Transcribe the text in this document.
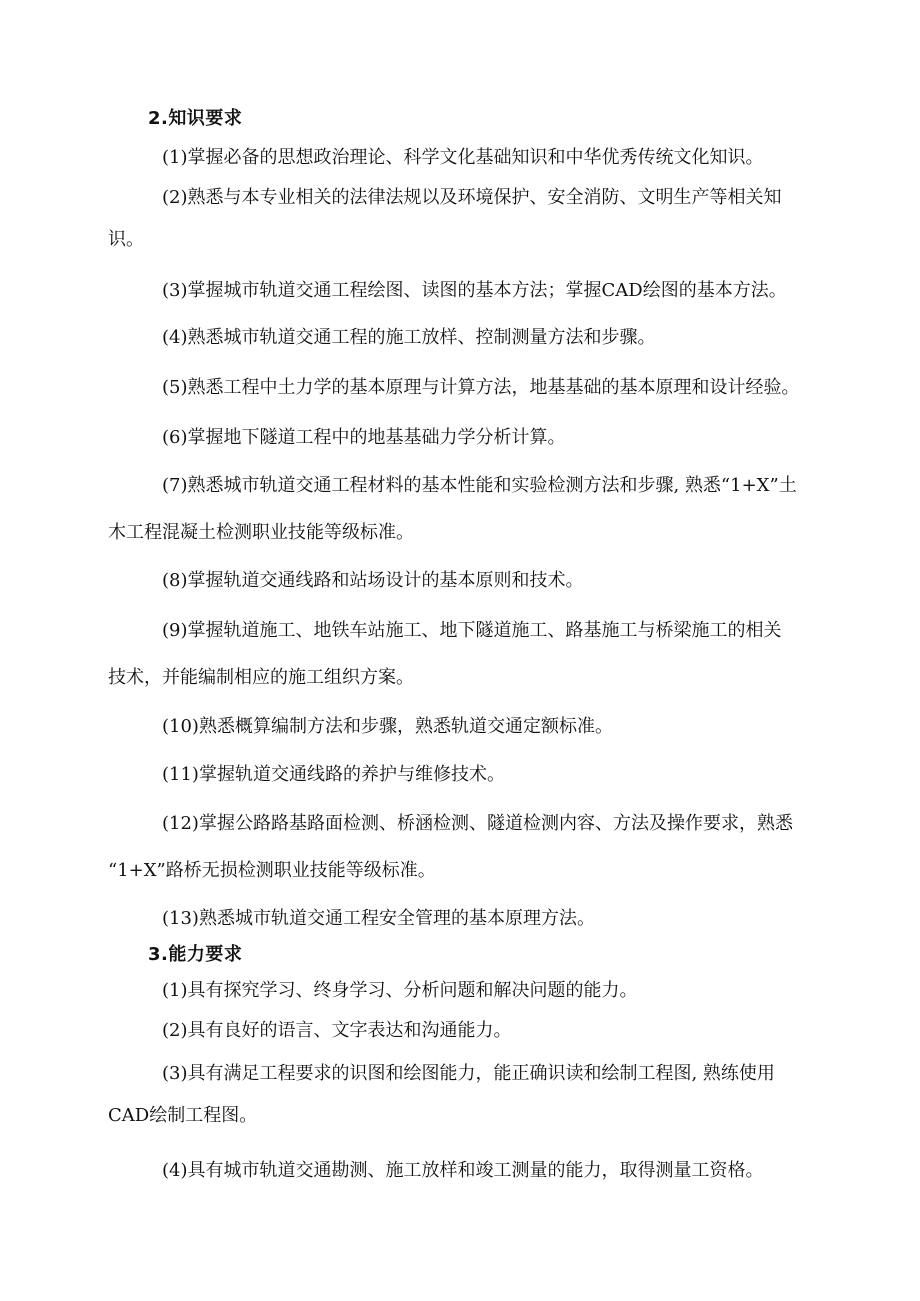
2.知识要求
(1)掌握必备的思想政治理论、科学文化基础知识和中华优秀传统文化知识。
(2)熟悉与本专业相关的法律法规以及环境保护、安全消防、文明生产等相关知
识。
(3)掌握城市轨道交通工程绘图、读图的基本方法；掌握CAD绘图的基本方法。
(4)熟悉城市轨道交通工程的施工放样、控制测量方法和步骤。
(5)熟悉工程中土力学的基本原理与计算方法，地基基础的基本原理和设计经验。
(6)掌握地下隧道工程中的地基基础力学分析计算。
(7)熟悉城市轨道交通工程材料的基本性能和实验检测方法和步骤, 熟悉“1+X”土
木工程混凝土检测职业技能等级标准。
(8)掌握轨道交通线路和站场设计的基本原则和技术。
(9)掌握轨道施工、地铁车站施工、地下隧道施工、路基施工与桥梁施工的相关
技术，并能编制相应的施工组织方案。
(10)熟悉概算编制方法和步骤，熟悉轨道交通定额标准。
(11)掌握轨道交通线路的养护与维修技术。
(12)掌握公路路基路面检测、桥涵检测、隧道检测内容、方法及操作要求，熟悉
“1+X”路桥无损检测职业技能等级标准。
(13)熟悉城市轨道交通工程安全管理的基本原理方法。
3.能力要求
(1)具有探究学习、终身学习、分析问题和解决问题的能力。
(2)具有良好的语言、文字表达和沟通能力。
(3)具有满足工程要求的识图和绘图能力，能正确识读和绘制工程图, 熟练使用
CAD绘制工程图。
(4)具有城市轨道交通勘测、施工放样和竣工测量的能力，取得测量工资格。
